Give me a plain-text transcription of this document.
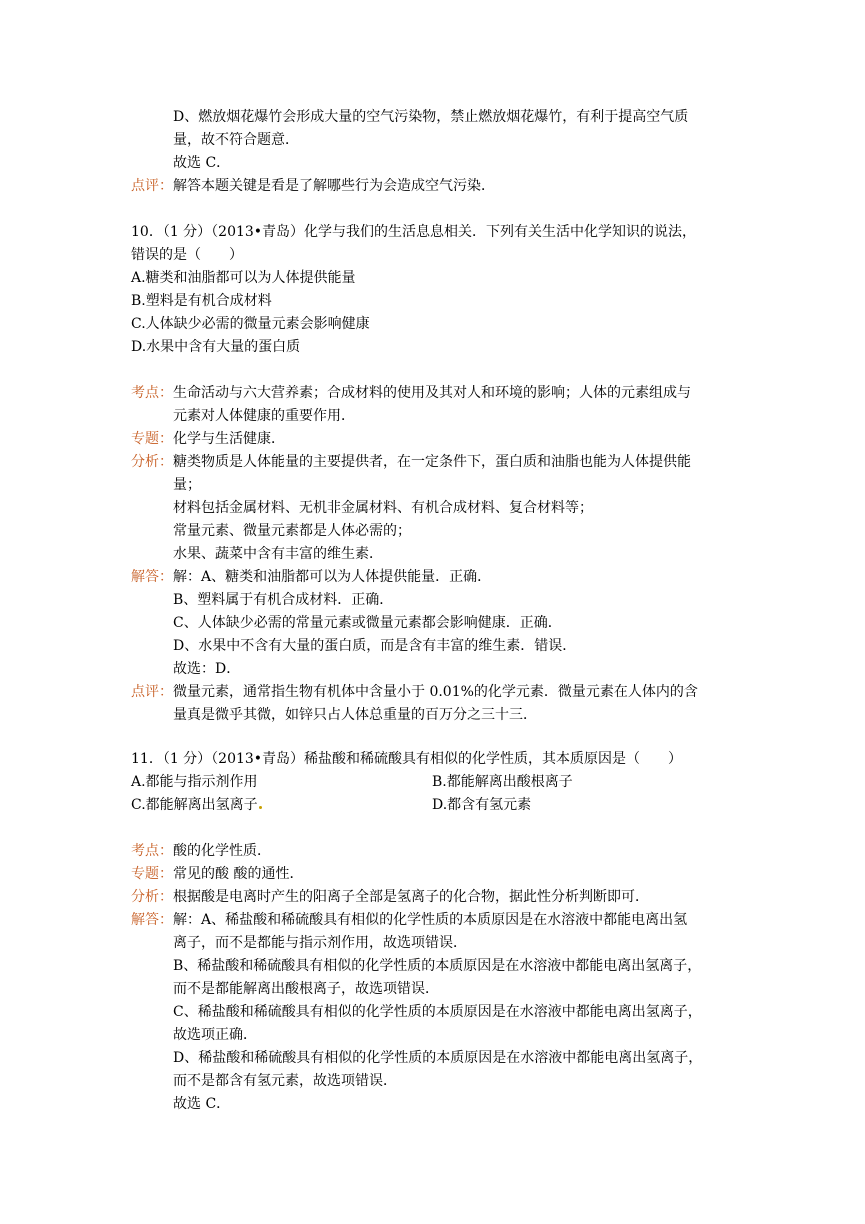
D、燃放烟花爆竹会形成大量的空气污染物，禁止燃放烟花爆竹，有利于提高空气质
量，故不符合题意．
故选 C．
点评：解答本题关键是看是了解哪些行为会造成空气污染．
10．（1 分）（2013•青岛）化学与我们的生活息息相关．下列有关生活中化学知识的说法，
错误的是（　　）
A.糖类和油脂都可以为人体提供能量
B.塑料是有机合成材料
C.人体缺少必需的微量元素会影响健康
D.水果中含有大量的蛋白质
考点：生命活动与六大营养素；合成材料的使用及其对人和环境的影响；人体的元素组成与
元素对人体健康的重要作用．
专题：化学与生活健康．
分析：糖类物质是人体能量的主要提供者，在一定条件下，蛋白质和油脂也能为人体提供能
量；
材料包括金属材料、无机非金属材料、有机合成材料、复合材料等；
常量元素、微量元素都是人体必需的；
水果、蔬菜中含有丰富的维生素．
解答：解：A、糖类和油脂都可以为人体提供能量．正确．
B、塑料属于有机合成材料．正确．
C、人体缺少必需的常量元素或微量元素都会影响健康．正确．
D、水果中不含有大量的蛋白质，而是含有丰富的维生素．错误．
故选：D．
点评：微量元素，通常指生物有机体中含量小于 0.01%的化学元素．微量元素在人体内的含
量真是微乎其微，如锌只占人体总重量的百万分之三十三．
11．（1 分）（2013•青岛）稀盐酸和稀硫酸具有相似的化学性质，其本质原因是（　　）
A.都能与指示剂作用	B.都能解离出酸根离子
C.都能解离出氢离子	D.都含有氢元素
考点：酸的化学性质．
专题：常见的酸 酸的通性．
分析：根据酸是电离时产生的阳离子全部是氢离子的化合物，据此性分析判断即可．
解答：解：A、稀盐酸和稀硫酸具有相似的化学性质的本质原因是在水溶液中都能电离出氢
离子，而不是都能与指示剂作用，故选项错误．
B、稀盐酸和稀硫酸具有相似的化学性质的本质原因是在水溶液中都能电离出氢离子，
而不是都能解离出酸根离子，故选项错误．
C、稀盐酸和稀硫酸具有相似的化学性质的本质原因是在水溶液中都能电离出氢离子，
故选项正确．
D、稀盐酸和稀硫酸具有相似的化学性质的本质原因是在水溶液中都能电离出氢离子，
而不是都含有氢元素，故选项错误．
故选 C．
